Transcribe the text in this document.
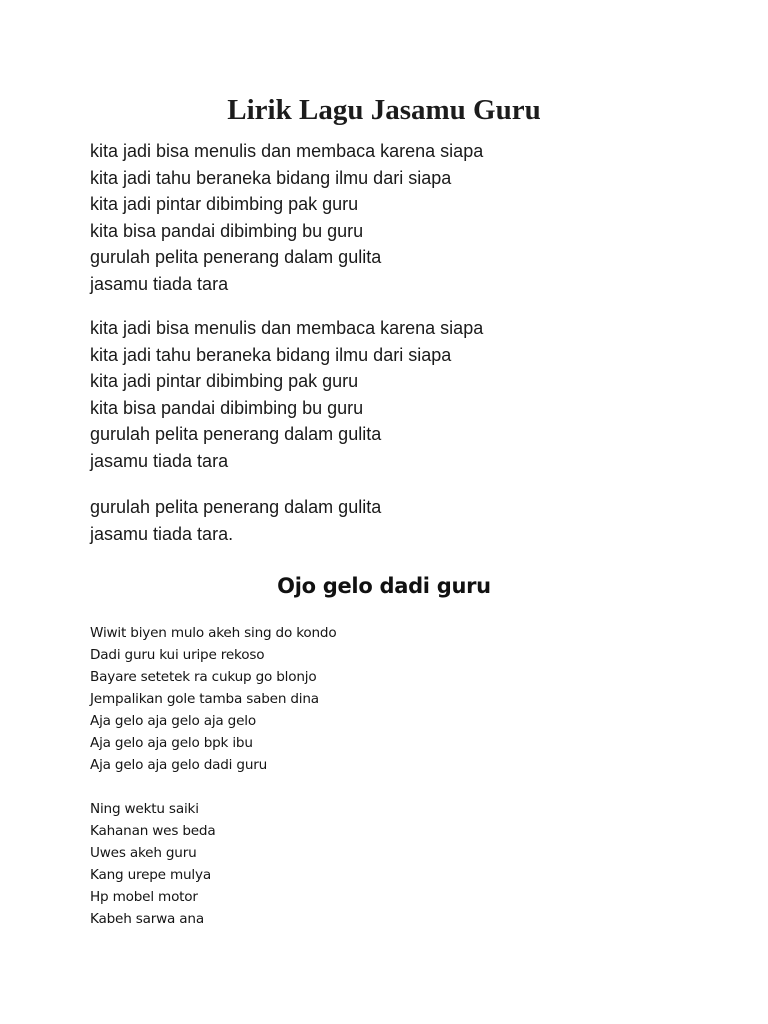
Lirik Lagu Jasamu Guru
kita jadi bisa menulis dan membaca karena siapa
kita jadi tahu beraneka bidang ilmu dari siapa
kita jadi pintar dibimbing pak guru
kita bisa pandai dibimbing bu guru
gurulah pelita penerang dalam gulita
jasamu tiada tara
kita jadi bisa menulis dan membaca karena siapa
kita jadi tahu beraneka bidang ilmu dari siapa
kita jadi pintar dibimbing pak guru
kita bisa pandai dibimbing bu guru
gurulah pelita penerang dalam gulita
jasamu tiada tara
gurulah pelita penerang dalam gulita
jasamu tiada tara.
Ojo gelo dadi guru
Wiwit biyen mulo akeh sing do kondo
Dadi guru kui uripe rekoso
Bayare setetek ra cukup go blonjo
Jempalikan gole tamba saben dina
Aja gelo aja gelo aja gelo
Aja gelo aja gelo bpk ibu
Aja gelo aja gelo dadi guru
Ning wektu saiki
Kahanan wes beda
Uwes akeh guru
Kang urepe mulya
Hp mobel motor
Kabeh sarwa ana
